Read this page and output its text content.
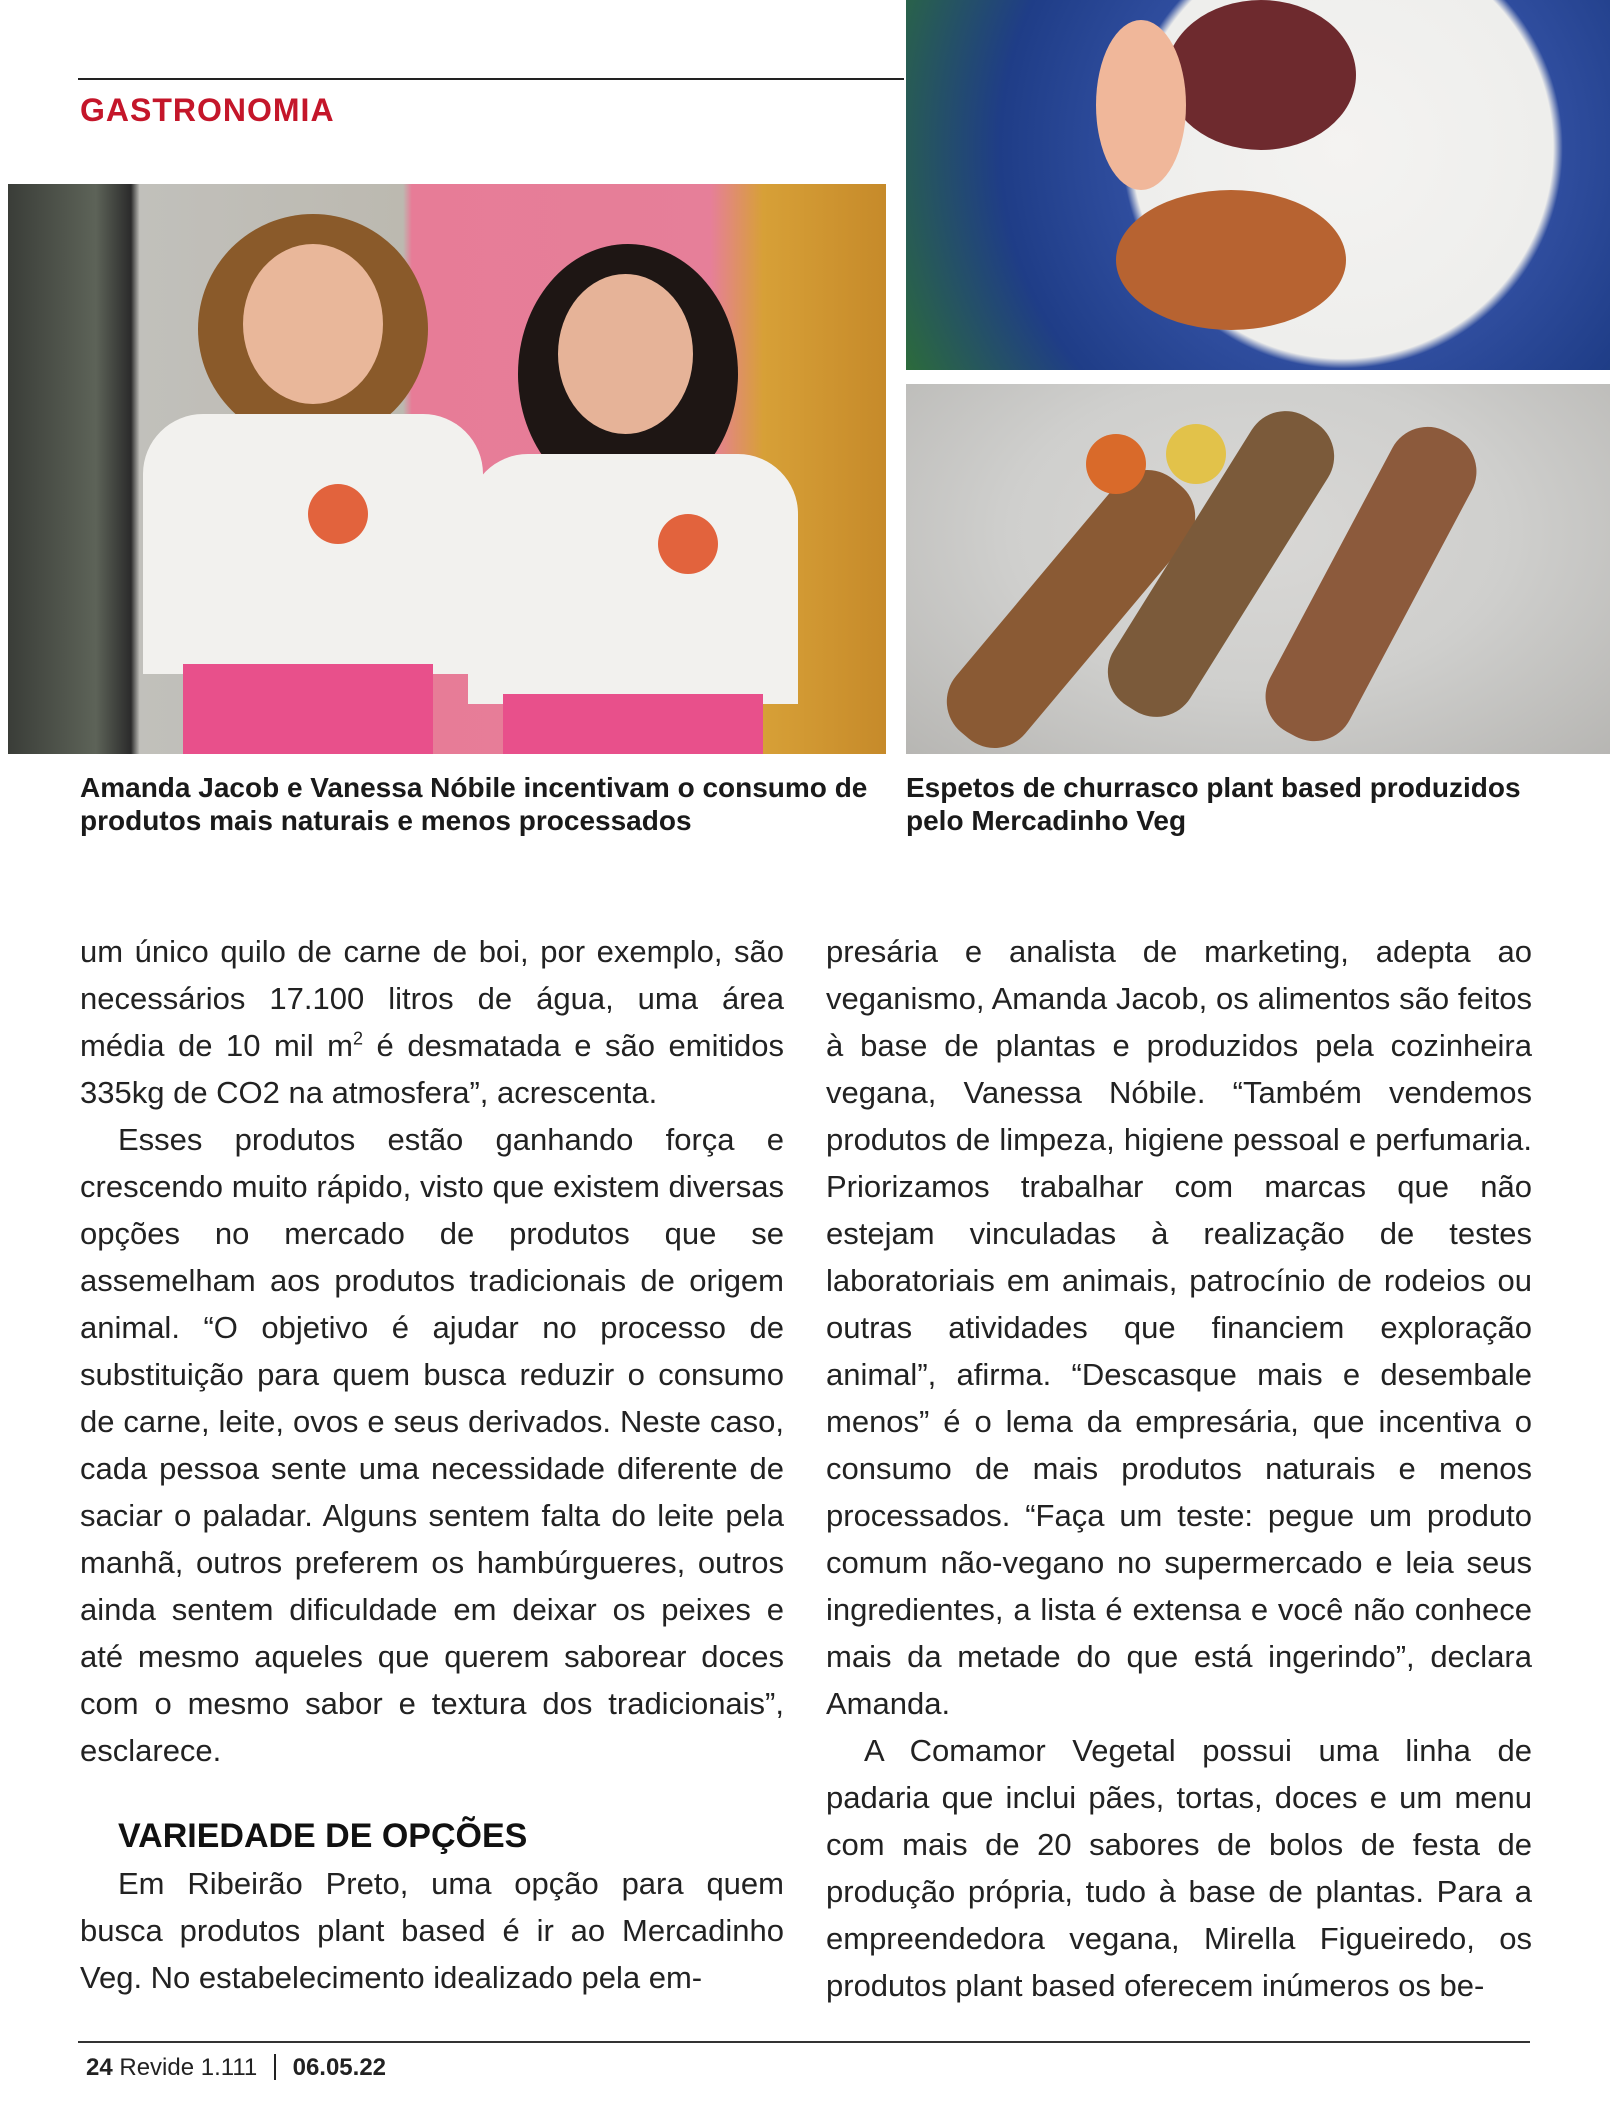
GASTRONOMIA
Amanda Jacob e Vanessa Nóbile incentivam o consumo de produtos mais naturais e menos processados
Espetos de churrasco plant based produzidos pelo Mercadinho Veg

um único quilo de carne de boi, por exemplo, são necessários 17.100 litros de água, uma área média de 10 mil $m^2$ é desmatada e são emitidos 335kg de CO2 na atmosfera”, acrescenta.

Esses produtos estão ganhando força e crescendo muito rápido, visto que existem diversas opções no mercado de produtos que se assemelham aos produtos tradicionais de origem animal. “O objetivo é ajudar no processo de substituição para quem busca reduzir o consumo de carne, leite, ovos e seus derivados. Neste caso, cada pessoa sente uma necessidade diferente de saciar o paladar. Alguns sentem falta do leite pela manhã, outros preferem os hambúrgueres, outros ainda sentem dificuldade em deixar os peixes e até mesmo aqueles que querem saborear doces com o mesmo sabor e textura dos tradicionais”, esclarece.

VARIEDADE DE OPÇÕES

Em Ribeirão Preto, uma opção para quem busca produtos plant based é ir ao Mercadinho Veg. No estabelecimento idealizado pela em-

presária e analista de marketing, adepta ao veganismo, Amanda Jacob, os alimentos são feitos à base de plantas e produzidos pela cozinheira vegana, Vanessa Nóbile. “Também vendemos produtos de limpeza, higiene pessoal e perfumaria. Priorizamos trabalhar com marcas que não estejam vinculadas à realização de testes laboratoriais em animais, patrocínio de rodeios ou outras atividades que financiem exploração animal”, afirma. “Descasque mais e desembale menos” é o lema da empresária, que incentiva o consumo de mais produtos naturais e menos processados. “Faça um teste: pegue um produto comum não-vegano no supermercado e leia seus ingredientes, a lista é extensa e você não conhece mais da metade do que está ingerindo”, declara Amanda.

A Comamor Vegetal possui uma linha de padaria que inclui pães, tortas, doces e um menu com mais de 20 sabores de bolos de festa de produção própria, tudo à base de plantas. Para a empreendedora vegana, Mirella Figueiredo, os produtos plant based oferecem inúmeros os be-

24 Revide 1.111 06.05.22
